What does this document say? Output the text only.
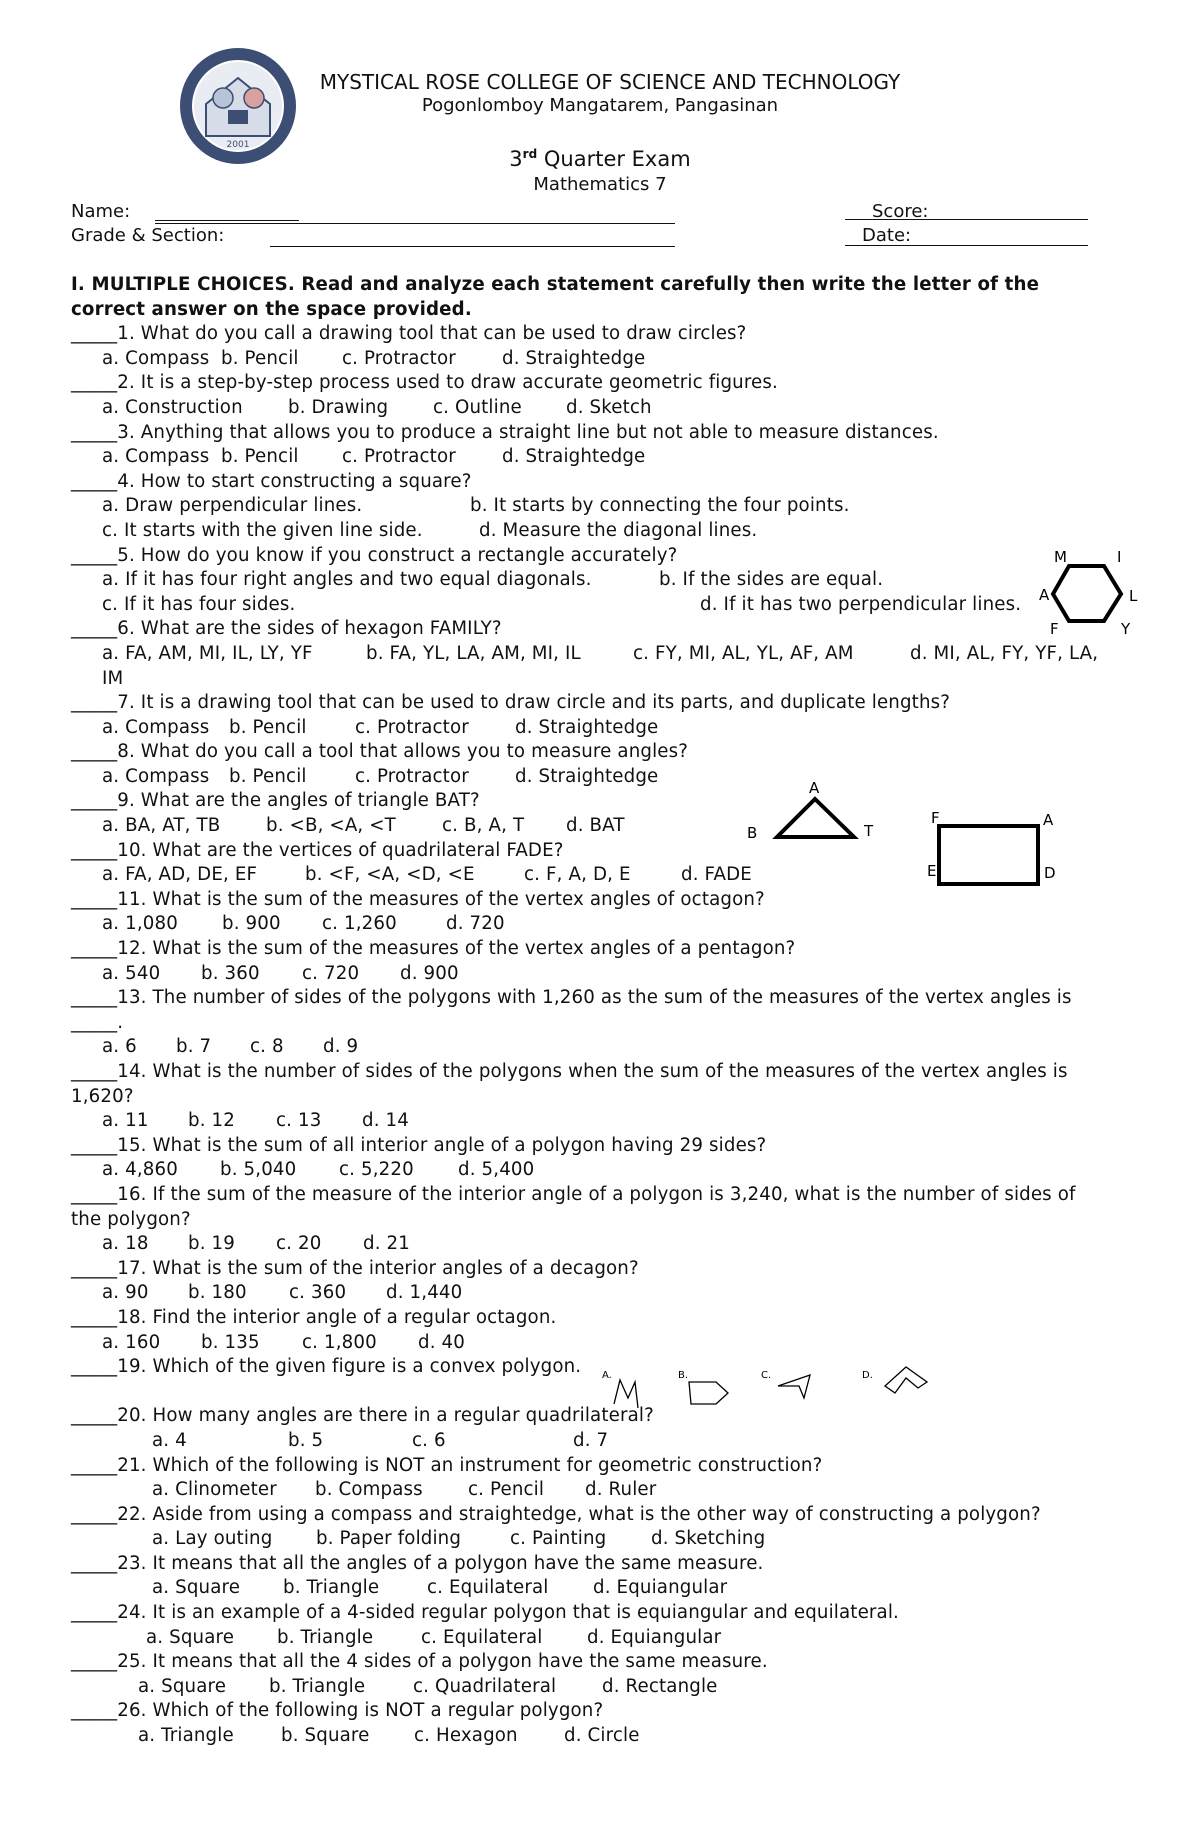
2001
MYSTICAL ROSE COLLEGE OF SCIENCE AND TECHNOLOGY
Pogonlomboy Mangatarem, Pangasinan
3rd Quarter Exam
Mathematics 7
Name:
Grade & Section:
Score:
Date:

I. MULTIPLE CHOICES. Read and analyze each statement carefully then write the letter of the correct answer on the space provided.

_____1. What do you call a drawing tool that can be used to draw circles?

a. Compass b. Pencil c. Protractor	d. Straightedge

_____2. It is a step-by-step process used to draw accurate geometric figures.

a. Construction b. Drawing c. Outline d. Sketch

_____3. Anything that allows you to produce a straight line but not able to measure distances.

a. Compass b. Pencil c. Protractor	d. Straightedge

_____4. How to start constructing a square?

a. Draw perpendicular lines.	b. It starts by connecting the four points.

c. It starts with the given line side.	d. Measure the diagonal lines.

_____5. How do you know if you construct a rectangle accurately?

a. If it has four right angles and two equal diagonals.	b. If the sides are equal.

c. If it has four sides.	d. If it has two perpendicular lines.

_____6. What are the sides of hexagon FAMILY?

a. FA, AM, MI, IL, LY, YF	b. FA, YL, LA, AM, MI, IL	c. FY, MI, AL, YL, AF, AM	d. MI, AL, FY, YF, LA, IM

_____7. It is a drawing tool that can be used to draw circle and its parts, and duplicate lengths?

a. Compass b. Pencil	c. Protractor	d. Straightedge

_____8. What do you call a tool that allows you to measure angles?

a. Compass b. Pencil	c. Protractor	d. Straightedge

_____9. What are the angles of triangle BAT?

a. BA, AT, TB	b. <B, <A, <T	c. B, A, T d. BAT

_____10. What are the vertices of quadrilateral FADE?

a. FA, AD, DE, EF	b. <F, <A, <D, <E	c. F, A, D, E	d. FADE

_____11. What is the sum of the measures of the vertex angles of octagon?

a. 1,080 b. 900 c. 1,260	d. 720

_____12. What is the sum of the measures of the vertex angles of a pentagon?

a. 540 b. 360 c. 720 d. 900

_____13. The number of sides of the polygons with 1,260 as the sum of the measures of the vertex angles is _____.

a. 6 b. 7 c. 8 d. 9

_____14. What is the number of sides of the polygons when the sum of the measures of the vertex angles is 1,620?

a. 11 b. 12 c. 13 d. 14

_____15. What is the sum of all interior angle of a polygon having 29 sides?

a. 4,860 b. 5,040 c. 5,220 d. 5,400

_____16. If the sum of the measure of the interior angle of a polygon is 3,240, what is the number of sides of the polygon?

a. 18 b. 19 c. 20 d. 21

_____17. What is the sum of the interior angles of a decagon?

a. 90 b. 180 c. 360 d. 1,440

_____18. Find the interior angle of a regular octagon.

a. 160 b. 135 c. 1,800 d. 40

_____19. Which of the given figure is a convex polygon.

_____20. How many angles are there in a regular quadrilateral?

a. 4	b. 5	c. 6	d. 7

_____21. Which of the following is NOT an instrument for geometric construction?

a. Clinometer b. Compass c. Pencil d. Ruler

_____22. Aside from using a compass and straightedge, what is the other way of constructing a polygon?

a. Lay outing b. Paper folding	c. Painting d. Sketching

_____23. It means that all the angles of a polygon have the same measure.

a. Square b. Triangle	c. Equilateral d. Equiangular

_____24. It is an example of a 4-sided regular polygon that is equiangular and equilateral.

a. Square b. Triangle	c. Equilateral d. Equiangular

_____25. It means that all the 4 sides of a polygon have the same measure.

a. Square b. Triangle	c. Quadrilateral	d. Rectangle

_____26. Which of the following is NOT a regular polygon?

a. Triangle	b. Square c. Hexagon	d. Circle

M	I
L
Y
F
A
A
B	T
F	A
E	D
A.	B.	C.	D.
